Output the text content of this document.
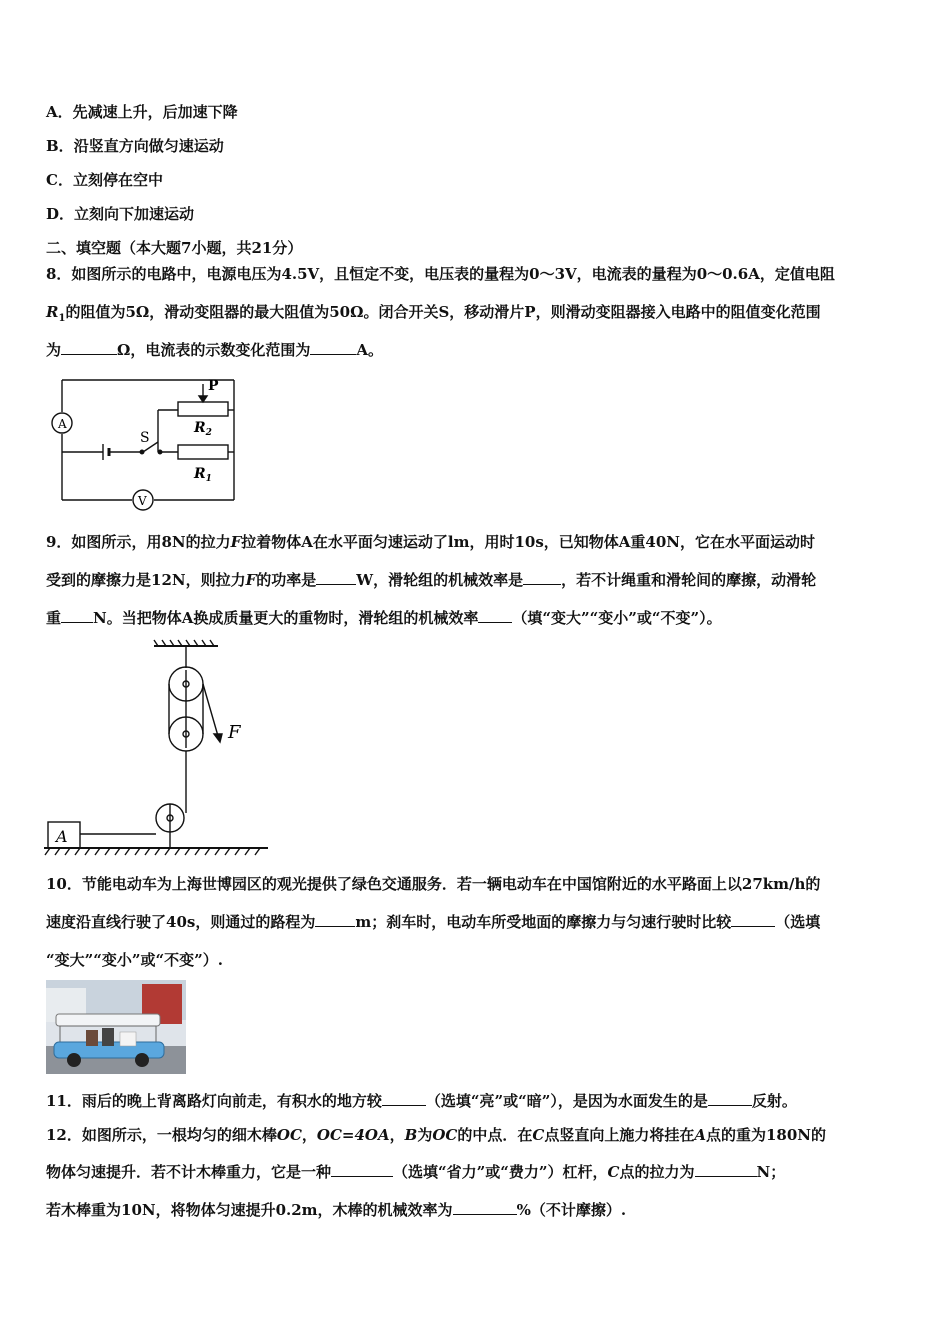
A．先减速上升，后加速下降
B．沿竖直方向做匀速运动
C．立刻停在空中
D．立刻向下加速运动
二、填空题（本大题7小题，共21分）
8．如图所示的电路中，电源电压为4.5V，且恒定不变，电压表的量程为0～3V，电流表的量程为0～0.6A，定值电阻
$R_1$的阻值为5Ω，滑动变阻器的最大阻值为50Ω。闭合开关S，移动滑片P，则滑动变阻器接入电路中的阻值变化范围
为	Ω，电流表的示数变化范围为	A。
A
V
P
S
$R_2$
$R_1$
9．如图所示，用8N的拉力F拉着物体A在水平面匀速运动了lm，用时10s，已知物体A重40N，它在水平面运动时
受到的摩擦力是12N，则拉力F的功率是	W，滑轮组的机械效率是	，若不计绳重和滑轮间的摩擦，动滑轮
重 N。当把物体A换成质量更大的重物时，滑轮组的机械效率 （填“变大”“变小”或“不变”）。
F
A
10．节能电动车为上海世博园区的观光提供了绿色交通服务．若一辆电动车在中国馆附近的水平路面上以27km/h的
速度沿直线行驶了40s，则通过的路程为	m；刹车时，电动车所受地面的摩擦力与匀速行驶时比较	（选填
“变大”“变小”或“不变”）.
11．雨后的晚上背离路灯向前走，有积水的地方较	（选填“亮”或“暗”），是因为水面发生的是	反射。
12．如图所示，一根均匀的细木棒OC，OC=4OA，B为OC的中点．在C点竖直向上施力将挂在A点的重为180N的
物体匀速提升．若不计木棒重力，它是一种	（选填“省力”或“费力”）杠杆，C点的拉力为	N；
若木棒重为10N，将物体匀速提升0.2m，木棒的机械效率为	%（不计摩擦）.
